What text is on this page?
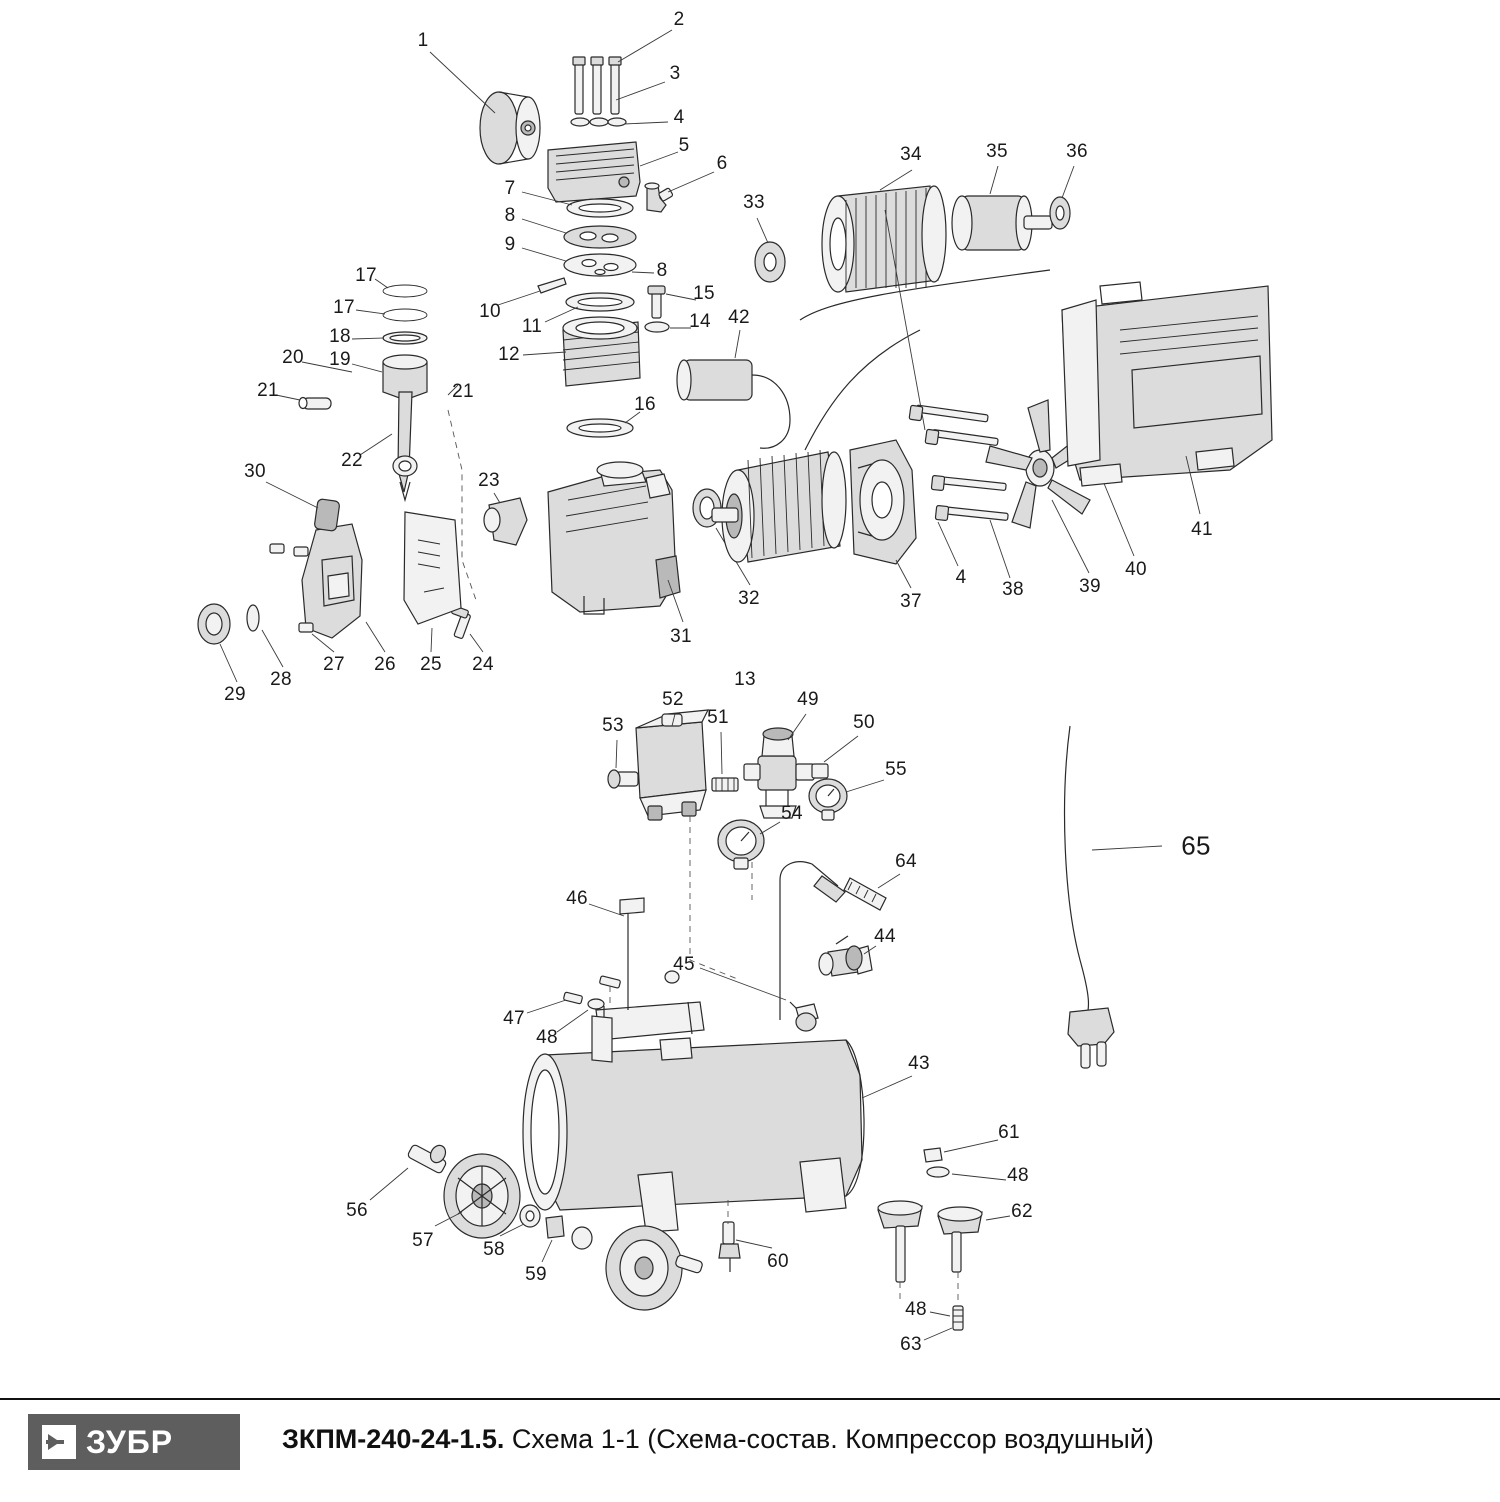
1
2
3
4
5
6
7
8
9
8
10
11
12
15
14 42
16
17
17
18
19
20
21	21
22
23
24
25
26
27
28
29
30
31
32
33
34	35	36
37
4
38	39
40
41
52
53	51
13
49
50
55
54
64
46
45
44
47
48
43
61
48
62
48
63
56
57	58
59
60
65
ЗУБР	ЗКПМ-240-24-1.5. Схема 1-1 (Схема-состав. Компрессор воздушный)
